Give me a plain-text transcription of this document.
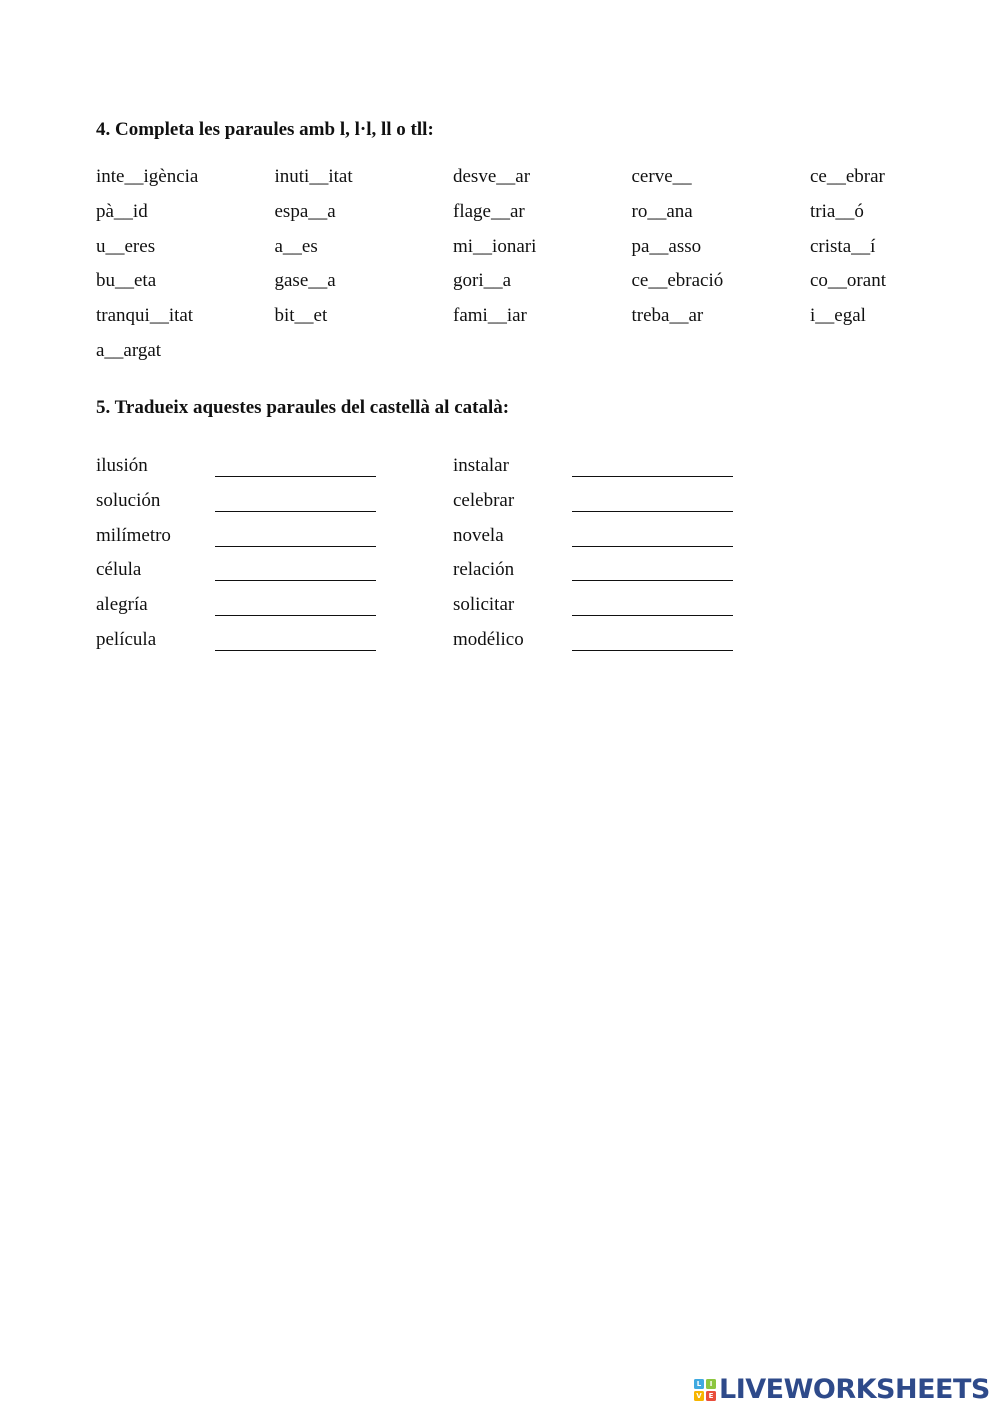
4. Completa les paraules amb l, l·l, ll o tll:
inte__igència	inuti__itat	desve__ar	cerve__	ce__ebrar
pà__id	espa__a	flage__ar	ro__ana	tria__ó
u__eres	a__es	mi__ionari	pa__asso	crista__í
bu__eta	gase__a	gori__a	ce__ebració	co__orant
tranqui__itat	bit__et	fami__iar	treba__ar	i__egal
a__argat
5. Tradueix aquestes paraules del castellà al català:
ilusión	instalar
solución	celebrar
milímetro	novela
célula	relación
alegría	solicitar
película	modélico
L	I
V E LIVEWORKSHEETS
